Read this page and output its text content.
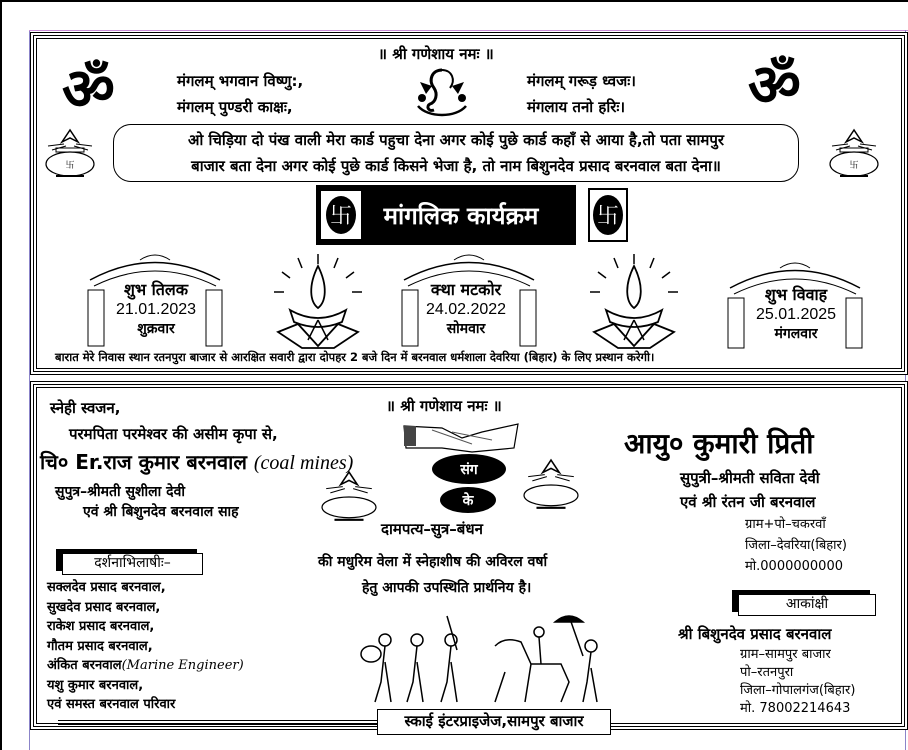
॥ श्री गणेशाय नमः ॥
ॐ	ॐ
मंगलम् भगवान विष्णु:,
मंगलम् पुण्डरी काक्षः,
मंगलम् गरूड़ ध्वजः।
मंगलाय तनो हरिः।
卐	卐
ओ चिड़िया दो पंख वाली मेरा कार्ड पहुचा देना अगर कोई पुछे कार्ड कहाँ से आया है,तो पता सामपुर
बाजार बता देना अगर कोई पुछे कार्ड किसने भेजा है, तो नाम बिशुनदेव प्रसाद बरनवाल बता देना॥
卐 मांगलिक कार्यक्रम	卐
शुभ तिलक
21.01.2023
शुक्रवार
क्था मटकोर
24.02.2022
सोमवार
शुभ विवाह
25.01.2025
मंगलवार
बारात मेरे निवास स्थान रतनपुरा बाजार से आरक्षित सवारी द्वारा दोपहर 2 बजे दिन में बरनवाल धर्मशाला देवरिया (बिहार) के लिए प्रस्थान करेगी।
स्नेही स्वजन,
परमपिता परमेश्वर की असीम कृपा से,
चि० Er.राज कुमार बरनवाल (coal mines)
सुपुत्र–श्रीमती सुशीला देवी
एवं श्री बिशुनदेव बरनवाल साह
॥ श्री गणेशाय नमः ॥
संग
के
दामपत्य–सुत्र–बंधन
की मधुरिम वेला में स्नेहाशीष की अविरल वर्षा
हेतु आपकी उपस्थिति प्रार्थनिय है।
आयु० कुमारी प्रिती
सुपुत्री–श्रीमती सविता देवी
एवं श्री रंतन जी बरनवाल
ग्राम+पो–चकरवाँ
जिला–देवरिया(बिहार)
मो.0000000000
दर्शनाभिलाषीः–
सक्लदेव प्रसाद बरनवाल,
सुखदेव प्रसाद बरनवाल,
राकेश प्रसाद बरनवाल,
गौतम प्रसाद बरनवाल,
अंकित बरनवाल(Marine Engineer)
यशु कुमार बरनवाल,
एवं समस्त बरनवाल परिवार
आकांक्षी
श्री बिशुनदेव प्रसाद बरनवाल
ग्राम–सामपुर बाजार
पो–रतनपुरा
जिला–गोपालगंज(बिहार)
मो. 78002214643
स्काई इंटरप्राइजेज,सामपुर बाजार
